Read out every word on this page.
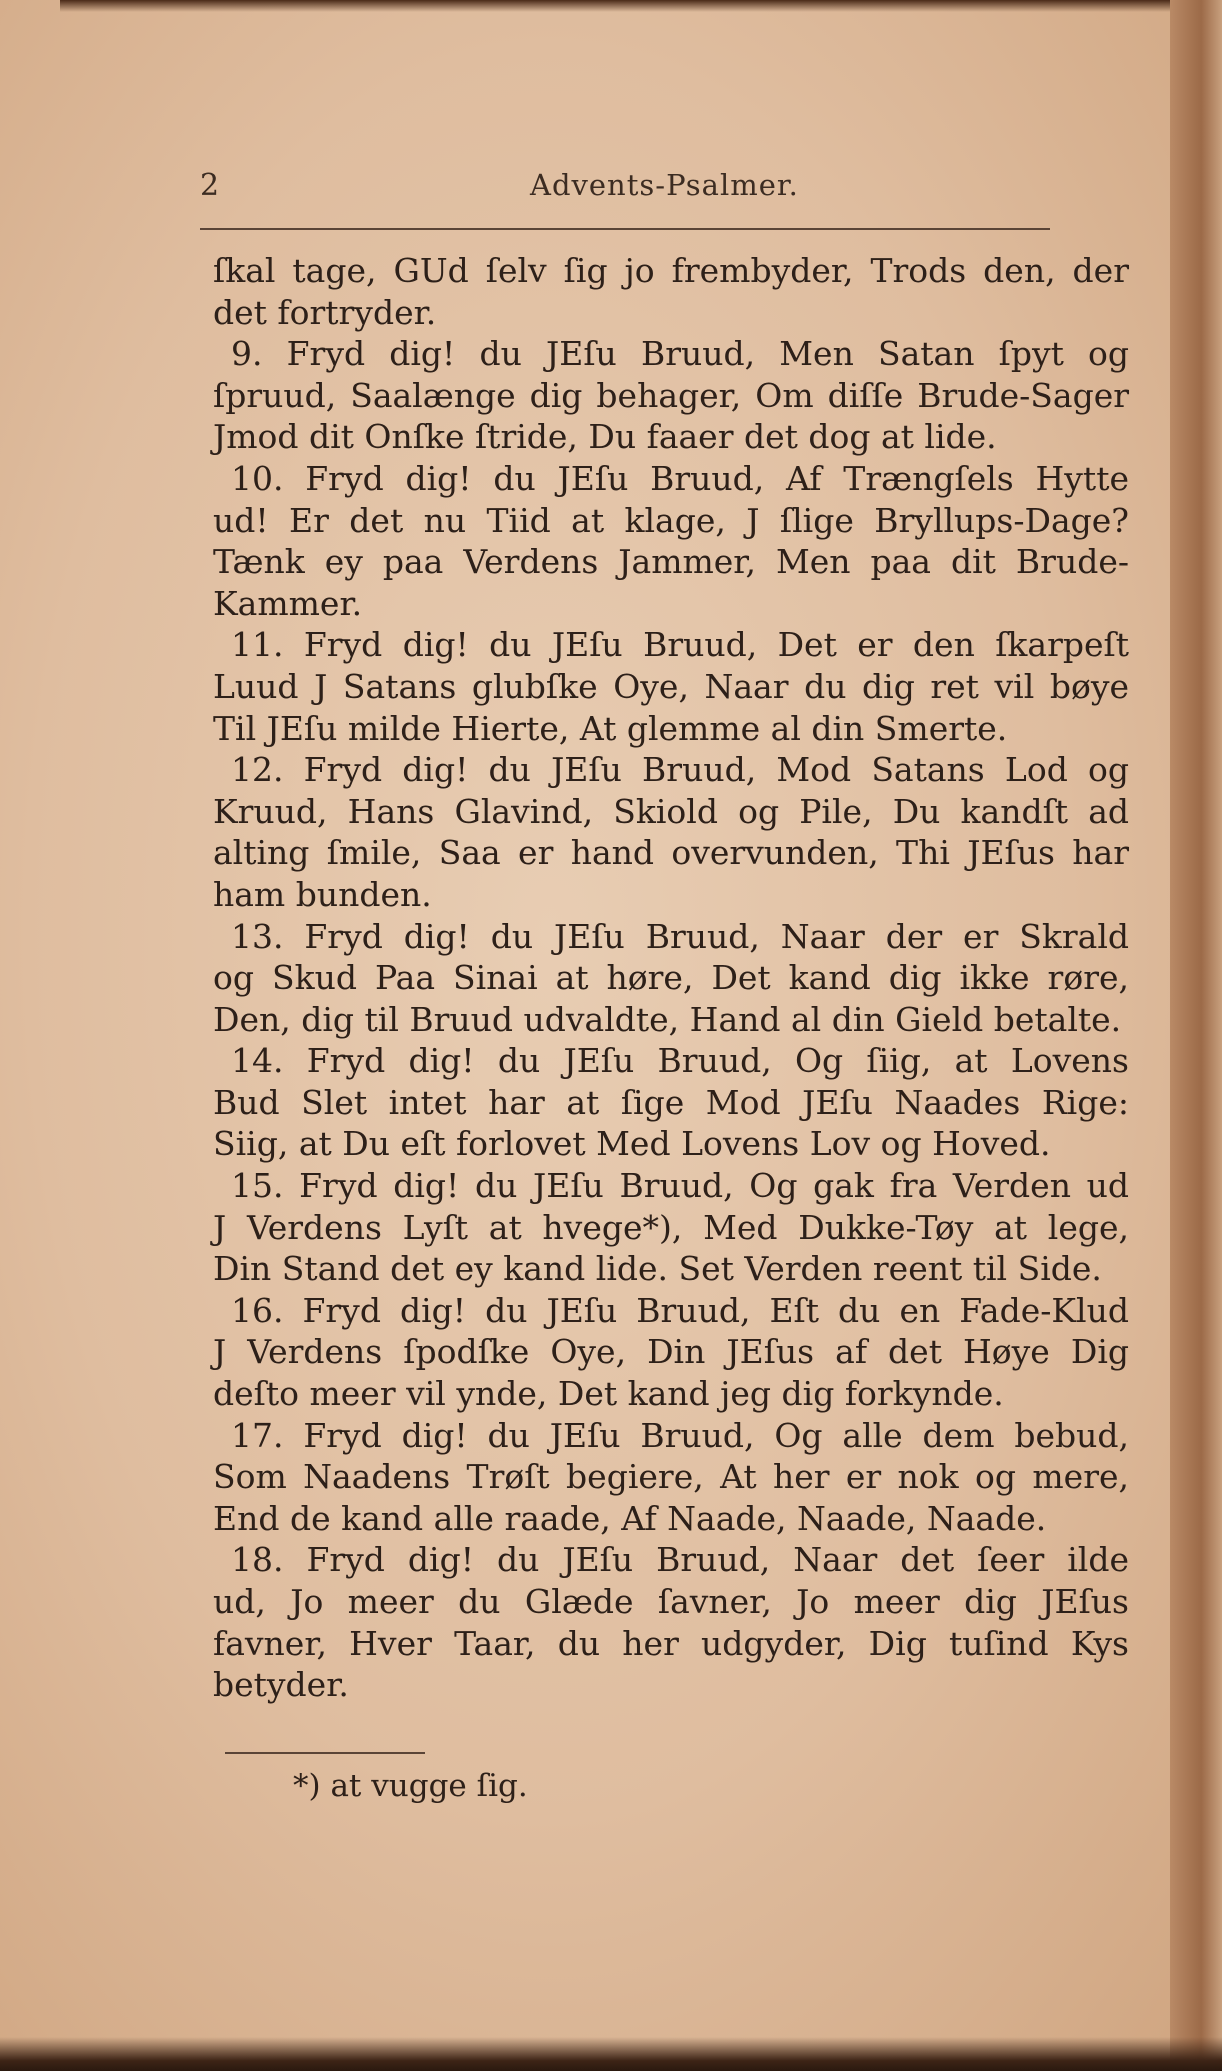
2	Advents-Psalmer.
ſkal tage, GUd ſelv ſig jo frembyder, Trods den, der
det fortryder.
9. Fryd dig! du JEſu Bruud, Men Satan ſpyt og
ſpruud, Saalænge dig behager, Om diſſe Brude-Sager
Jmod dit Onſke ſtride, Du faaer det dog at lide.
10. Fryd dig! du JEſu Bruud, Af Trængſels Hytte
ud! Er det nu Tiid at klage, J ſlige Bryllups-Dage?
Tænk ey paa Verdens Jammer, Men paa dit Brude-
Kammer.
11. Fryd dig! du JEſu Bruud, Det er den ſkarpeſt
Luud J Satans glubſke Oye, Naar du dig ret vil bøye
Til JEſu milde Hierte, At glemme al din Smerte.
12. Fryd dig! du JEſu Bruud, Mod Satans Lod og
Kruud, Hans Glavind, Skiold og Pile, Du kandſt ad
alting ſmile, Saa er hand overvunden, Thi JEſus har
ham bunden.
13. Fryd dig! du JEſu Bruud, Naar der er Skrald
og Skud Paa Sinai at høre, Det kand dig ikke røre,
Den, dig til Bruud udvaldte, Hand al din Gield betalte.
14. Fryd dig! du JEſu Bruud, Og ſiig, at Lovens
Bud Slet intet har at ſige Mod JEſu Naades Rige:
Siig, at Du eſt forlovet Med Lovens Lov og Hoved.
15. Fryd dig! du JEſu Bruud, Og gak fra Verden ud
J Verdens Lyſt at hvege*), Med Dukke-Tøy at lege,
Din Stand det ey kand lide. Set Verden reent til Side.
16. Fryd dig! du JEſu Bruud, Eſt du en Fade-Klud
J Verdens ſpodſke Oye, Din JEſus af det Høye Dig
deſto meer vil ynde, Det kand jeg dig forkynde.
17. Fryd dig! du JEſu Bruud, Og alle dem bebud,
Som Naadens Trøſt begiere, At her er nok og mere,
End de kand alle raade, Af Naade, Naade, Naade.
18. Fryd dig! du JEſu Bruud, Naar det ſeer ilde
ud, Jo meer du Glæde ſavner, Jo meer dig JEſus
favner, Hver Taar, du her udgyder, Dig tuſind Kys
betyder.
*) at vugge ſig.
